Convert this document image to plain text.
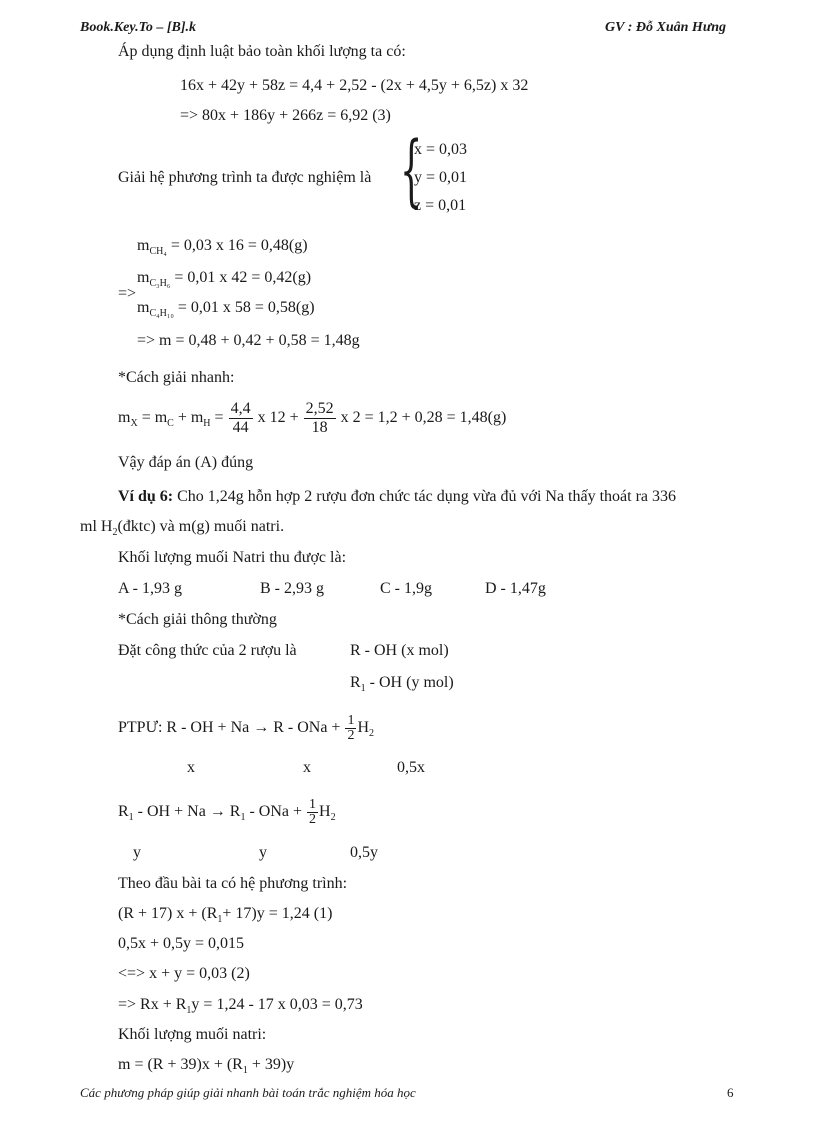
Book.Key.To – [B].k	GV : Đỗ Xuân Hưng
Áp dụng định luật bảo toàn khối lượng ta có:
16x + 42y + 58z = 4,4 + 2,52 - (2x + 4,5y + 6,5z) x 32
=> 80x + 186y + 266z = 6,92 (3)
Giải hệ phương trình ta được nghiệm là {
x = 0,03
y = 0,01
z = 0,01
$m_{CH_4} = 0,03$ x 16 = 0,48(g)
=>
$m_{C_3H_6} = 0,01$ x 42 = 0,42(g)
$m_{C_4H_{10}} = 0,01$ x 58 = 0,58(g)
=> m = 0,48 + 0,42 + 0,58 = 1,48g
*Cách giải nhanh:
$m_X = m_C + m_H = \frac{4,4}{44}$ x $12 + \frac{2,52}{18}$ x 2 = 1,2 + 0,28 = 1,48(g)
Vậy đáp án (A) đúng
Ví dụ 6: Cho 1,24g hỗn hợp 2 rượu đơn chức tác dụng vừa đủ với Na thấy thoát ra 336
ml $H_2(đktc)$ và m(g) muối natri.
Khối lượng muối Natri thu được là:
A - 1,93 g	B - 2,93 g	C - 1,9g	D - 1,47g
*Cách giải thông thường
Đặt công thức của 2 rượu là	R - OH (x mol)
$R_1$ - OH (y mol)
PTPƯ: R - OH + Na → R - ONa + $\frac{1}{2} H_2$
x	x	0,5x
$R_1$ - OH + $Na \to R_1$ - ONa + $\frac{1}{2} H_2$
y	y	0,5y
Theo đầu bài ta có hệ phương trình:
(R + 17) $x + (R_1+ 17)y = 1,24$ (1)
0,5x + 0,5y = 0,015
<=> x + y = 0,03 (2)
=> $Rx + R_1y = 1,24 - 17$ x 0,03 = 0,73
Khối lượng muối natri:
$m = (R + 39)x + (R_1 + 39)y$
Các phương pháp giúp giải nhanh bài toán trắc nghiệm hóa học	6
